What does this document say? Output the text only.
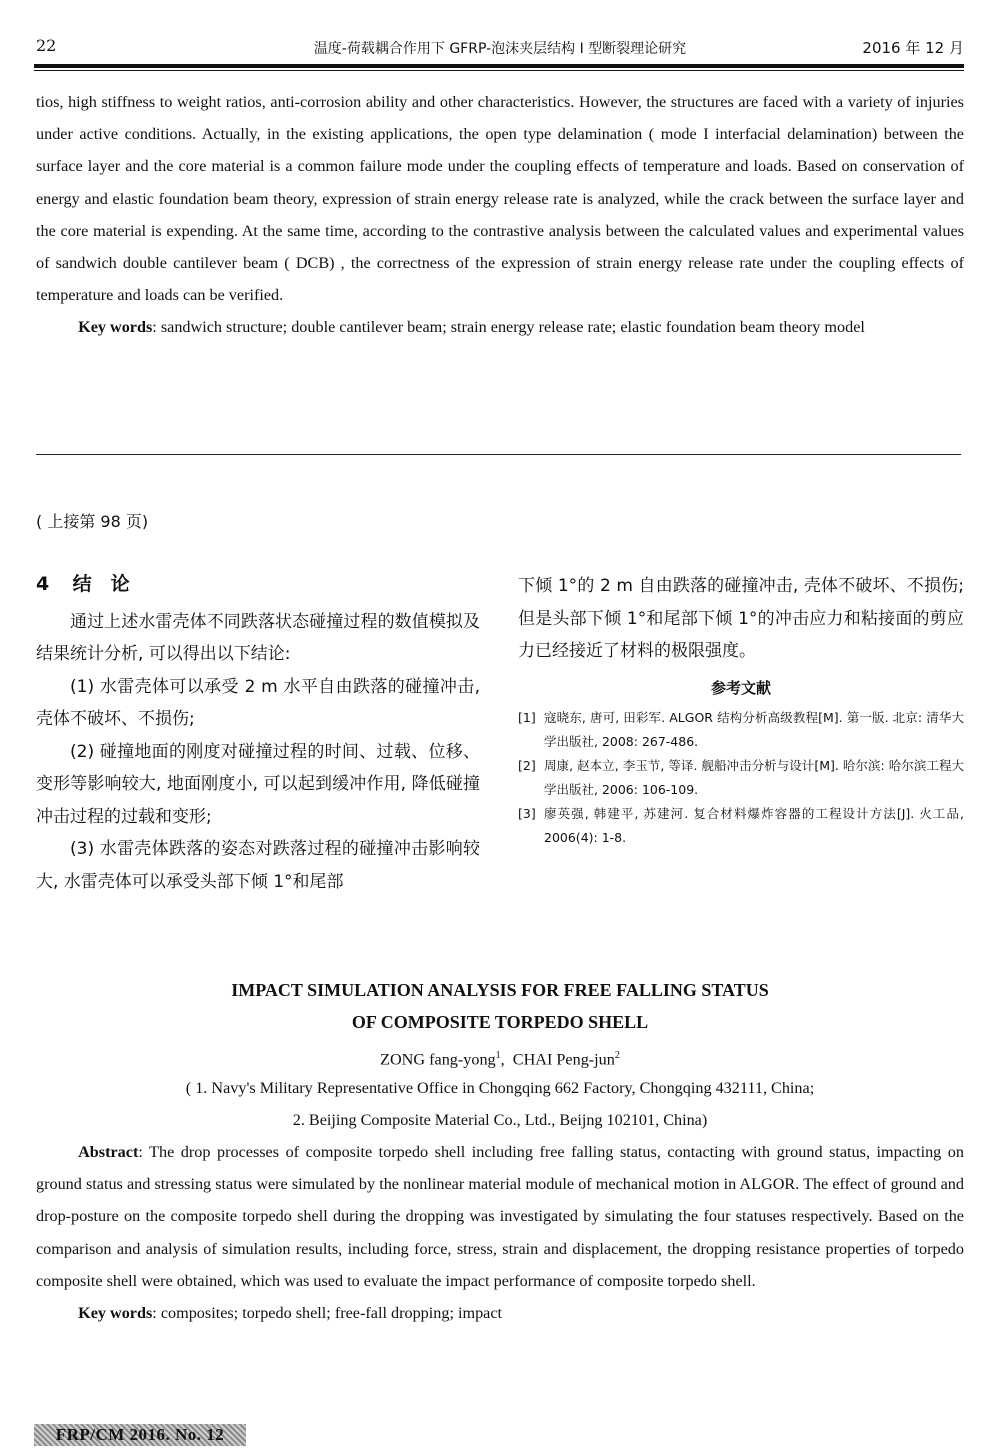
22	温度-荷载耦合作用下 GFRP-泡沫夹层结构 I 型断裂理论研究	2016 年 12 月

tios, high stiffness to weight ratios, anti-corrosion ability and other characteristics. However, the structures are faced with a variety of injuries under active conditions. Actually, in the existing applications, the open type delamination ( mode I interfacial delamination) between the surface layer and the core material is a common failure mode under the coupling effects of temperature and loads. Based on conservation of energy and elastic foundation beam theory, expression of strain energy release rate is analyzed, while the crack between the surface layer and the core material is expending. At the same time, according to the contrastive analysis between the calculated values and experimental values of sandwich double cantilever beam ( DCB) , the correctness of the expression of strain energy release rate under the coupling effects of temperature and loads can be verified.

Key words: sandwich structure; double cantilever beam; strain energy release rate; elastic foundation beam theory model

( 上接第 98 页)
4 结　论

通过上述水雷壳体不同跌落状态碰撞过程的数值模拟及结果统计分析, 可以得出以下结论:

(1) 水雷壳体可以承受 2 m 水平自由跌落的碰撞冲击, 壳体不破坏、不损伤;

(2) 碰撞地面的刚度对碰撞过程的时间、过载、位移、变形等影响较大, 地面刚度小, 可以起到缓冲作用, 降低碰撞冲击过程的过载和变形;

(3) 水雷壳体跌落的姿态对跌落过程的碰撞冲击影响较大, 水雷壳体可以承受头部下倾 1°和尾部

下倾 1°的 2 m 自由跌落的碰撞冲击, 壳体不破坏、不损伤; 但是头部下倾 1°和尾部下倾 1°的冲击应力和粘接面的剪应力已经接近了材料的极限强度。

参考文献
[1] 寇晓东, 唐可, 田彩军. ALGOR 结构分析高级教程[M]. 第一版. 北京: 清华大学出版社, 2008: 267-486.
[2] 周康, 赵本立, 李玉节, 等译. 舰船冲击分析与设计[M]. 哈尔滨: 哈尔滨工程大学出版社, 2006: 106-109.
[3] 廖英强, 韩建平, 苏建河. 复合材料爆炸容器的工程设计方法[J]. 火工品, 2006(4): 1-8.
IMPACT SIMULATION ANALYSIS FOR FREE FALLING STATUS
OF COMPOSITE TORPEDO SHELL
ZONG fang-yong$^1$,  CHAI Peng-jun$^2$
( 1. Navy's Military Representative Office in Chongqing 662 Factory, Chongqing 432111, China;
2. Beijing Composite Material Co., Ltd., Beijng 102101, China)

Abstract: The drop processes of composite torpedo shell including free falling status, contacting with ground status, impacting on ground status and stressing status were simulated by the nonlinear material module of mechanical motion in ALGOR. The effect of ground and drop-posture on the composite torpedo shell during the dropping was investigated by simulating the four statuses respectively. Based on the comparison and analysis of simulation results, including force, stress, strain and displacement, the dropping resistance properties of torpedo composite shell were obtained, which was used to evaluate the impact performance of composite torpedo shell.

Key words: composites; torpedo shell; free-fall dropping; impact

FRP/CM 2016. No. 12
